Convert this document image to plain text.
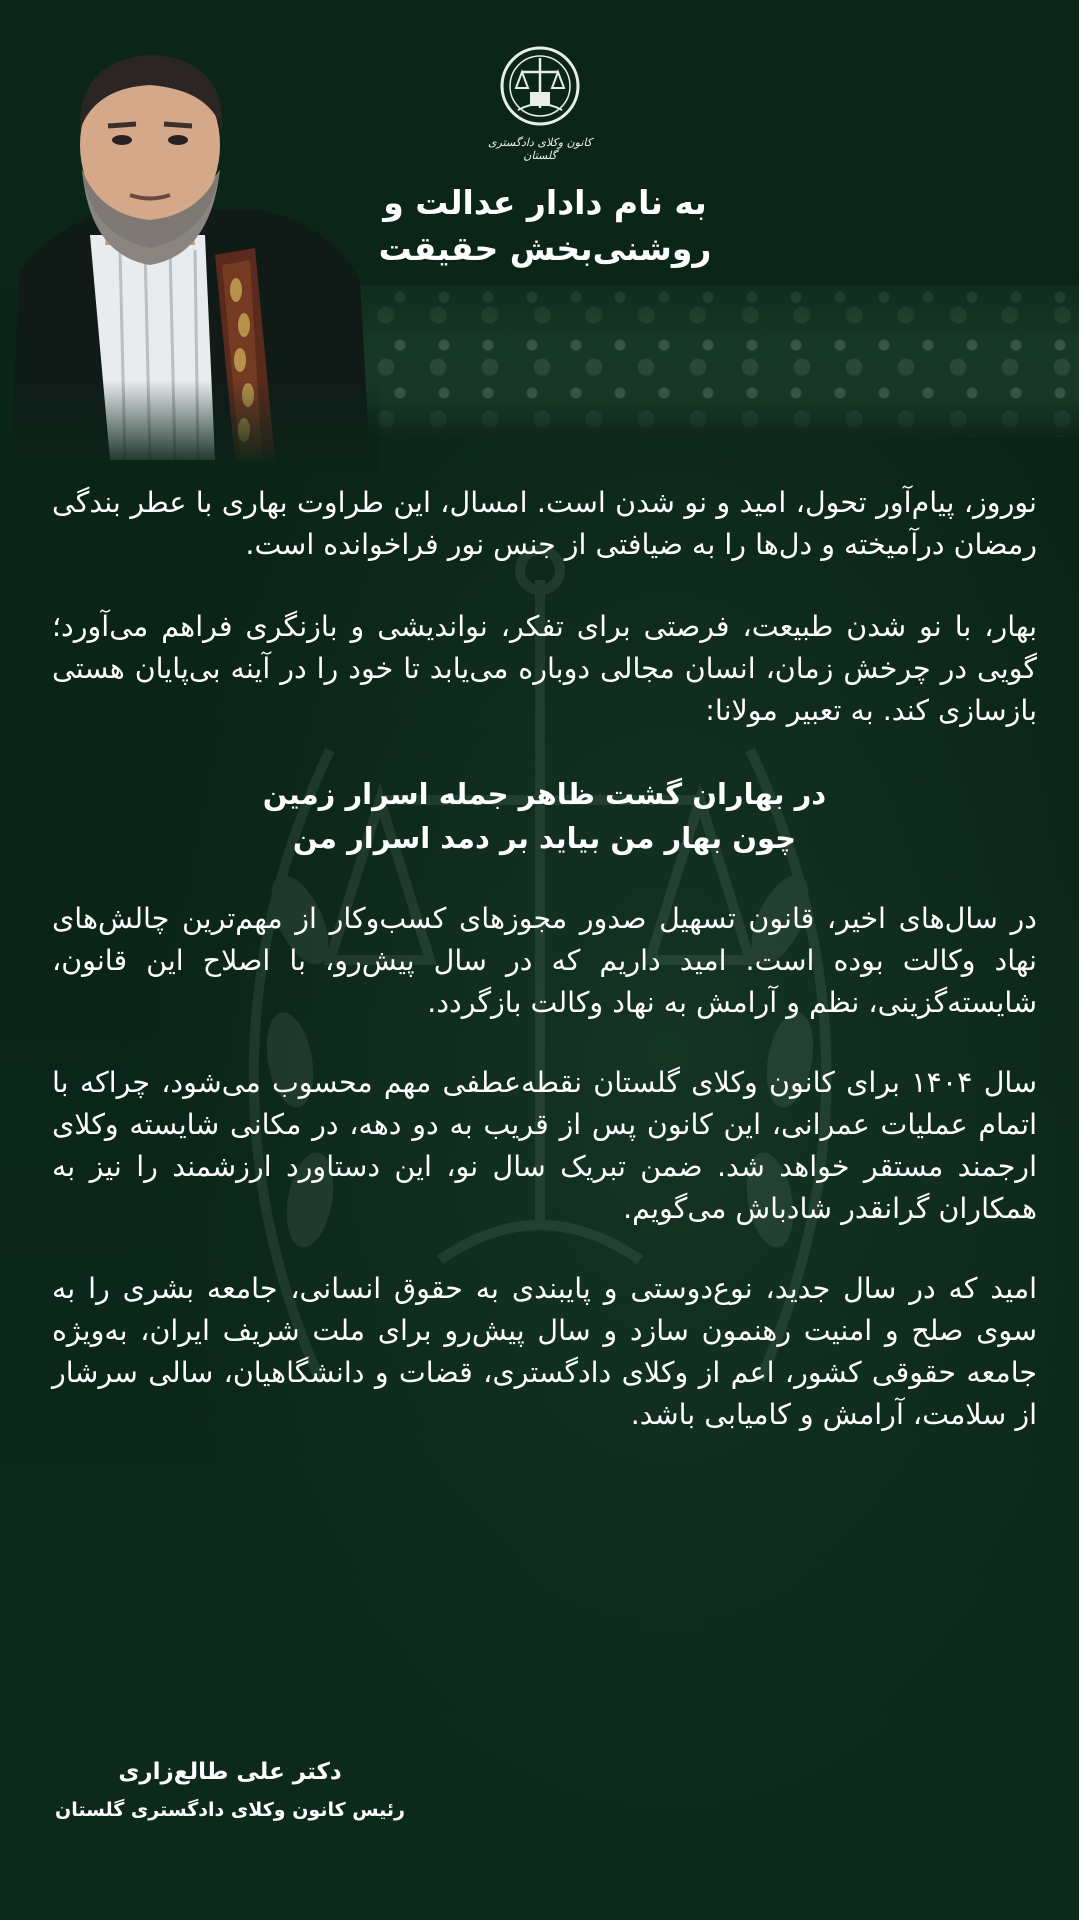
کانون وکلای دادگستری گلستان
به نام دادار عدالت و
روشنی‌بخش حقیقت

نوروز، پیام‌آور تحول، امید و نو شدن است. امسال، این طراوت بهاری با عطر بندگی رمضان درآمیخته و دل‌ها را به ضیافتی از جنس نور فراخوانده است.

بهار، با نو شدن طبیعت، فرصتی برای تفکر، نواندیشی و بازنگری فراهم می‌آورد؛ گویی در چرخش زمان، انسان مجالی دوباره می‌یابد تا خود را در آینه بی‌پایان هستی بازسازی کند. به تعبیر مولانا:

در بهاران گشت ظاهر جمله اسرار زمین
چون بهار من بیاید بر دمد اسرار من

در سال‌های اخیر، قانون تسهیل صدور مجوزهای کسب‌وکار از مهم‌ترین چالش‌های نهاد وکالت بوده است. امید داریم که در سال پیش‌رو، با اصلاح این قانون، شایسته‌گزینی، نظم و آرامش به نهاد وکالت بازگردد.

سال ۱۴۰۴ برای کانون وکلای گلستان نقطه‌عطفی مهم محسوب می‌شود، چراکه با اتمام عملیات عمرانی، این کانون پس از قریب به دو دهه، در مکانی شایسته وکلای ارجمند مستقر خواهد شد. ضمن تبریک سال نو، این دستاورد ارزشمند را نیز به همکاران گرانقدر شادباش می‌گویم.

امید که در سال جدید، نوع‌دوستی و پایبندی به حقوق انسانی، جامعه بشری را به سوی صلح و امنیت رهنمون سازد و سال پیش‌رو برای ملت شریف ایران، به‌ویژه جامعه حقوقی کشور، اعم از وکلای دادگستری، قضات و دانشگاهیان، سالی سرشار از سلامت، آرامش و کامیابی باشد.

دکتر علی طالع‌زاری
رئیس کانون وکلای دادگستری گلستان
